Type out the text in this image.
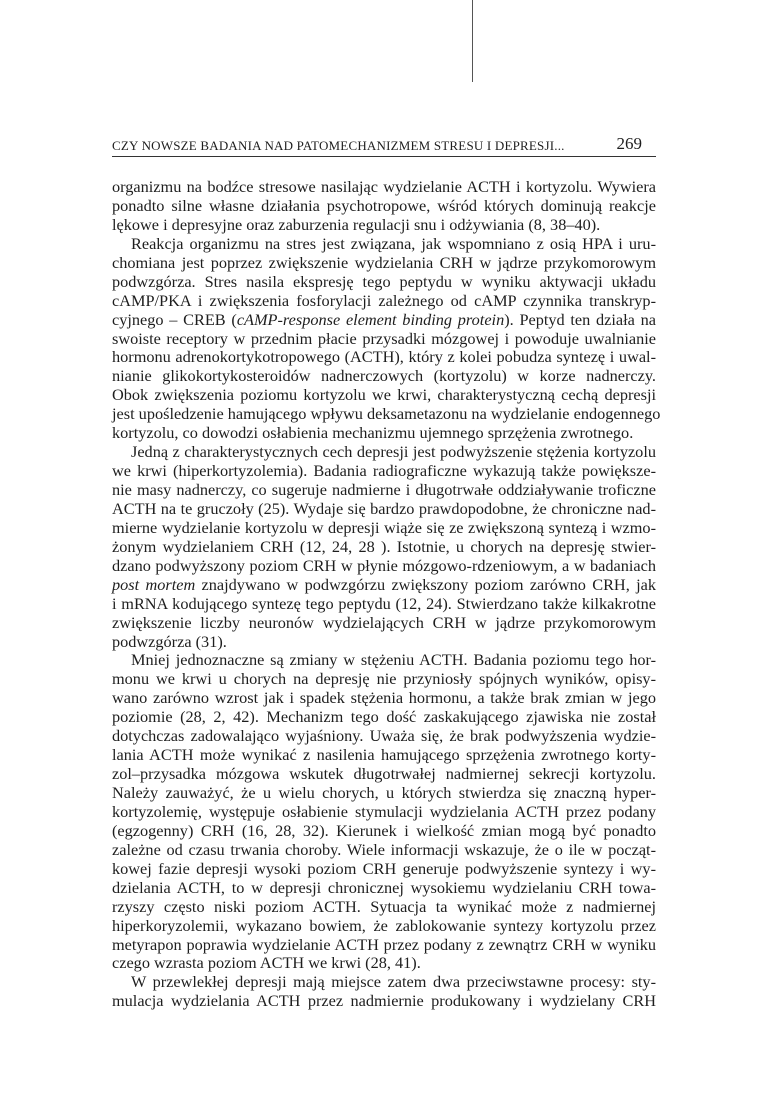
CZY NOWSZE BADANIA NAD PATOMECHANIZMEM STRESU I DEPRESJI...	269
organizmu na bodźce stresowe nasilając wydzielanie ACTH i kortyzolu. Wywiera
ponadto silne własne działania psychotropowe, wśród których dominują reakcje
lękowe i depresyjne oraz zaburzenia regulacji snu i odżywiania (8, 38–40).
Reakcja organizmu na stres jest związana, jak wspomniano z osią HPA i uru-
chomiana jest poprzez zwiększenie wydzielania CRH w jądrze przykomorowym
podwzgórza. Stres nasila ekspresję tego peptydu w wyniku aktywacji układu
cAMP/PKA i zwiększenia fosforylacji zależnego od cAMP czynnika transkryp-
cyjnego – CREB (cAMP-response element binding protein). Peptyd ten działa na
swoiste receptory w przednim płacie przysadki mózgowej i powoduje uwalnianie
hormonu adrenokortykotropowego (ACTH), który z kolei pobudza syntezę i uwal-
nianie glikokortykosteroidów nadnerczowych (kortyzolu) w korze nadnerczy.
Obok zwiększenia poziomu kortyzolu we krwi, charakterystyczną cechą depresji
jest upośledzenie hamującego wpływu deksametazonu na wydzielanie endogennego
kortyzolu, co dowodzi osłabienia mechanizmu ujemnego sprzężenia zwrotnego.
Jedną z charakterystycznych cech depresji jest podwyższenie stężenia kortyzolu
we krwi (hiperkortyzolemia). Badania radiograficzne wykazują także powiększe-
nie masy nadnerczy, co sugeruje nadmierne i długotrwałe oddziaływanie troficzne
ACTH na te gruczoły (25). Wydaje się bardzo prawdopodobne, że chroniczne nad-
mierne wydzielanie kortyzolu w depresji wiąże się ze zwiększoną syntezą i wzmo-
żonym wydzielaniem CRH (12, 24, 28 ). Istotnie, u chorych na depresję stwier-
dzano podwyższony poziom CRH w płynie mózgowo-rdzeniowym, a w badaniach
post mortem znajdywano w podwzgórzu zwiększony poziom zarówno CRH, jak
i mRNA kodującego syntezę tego peptydu (12, 24). Stwierdzano także kilkakrotne
zwiększenie liczby neuronów wydzielających CRH w jądrze przykomorowym
podwzgórza (31).
Mniej jednoznaczne są zmiany w stężeniu ACTH. Badania poziomu tego hor-
monu we krwi u chorych na depresję nie przyniosły spójnych wyników, opisy-
wano zarówno wzrost jak i spadek stężenia hormonu, a także brak zmian w jego
poziomie (28, 2, 42). Mechanizm tego dość zaskakującego zjawiska nie został
dotychczas zadowalająco wyjaśniony. Uważa się, że brak podwyższenia wydzie-
lania ACTH może wynikać z nasilenia hamującego sprzężenia zwrotnego korty-
zol–przysadka mózgowa wskutek długotrwałej nadmiernej sekrecji kortyzolu.
Należy zauważyć, że u wielu chorych, u których stwierdza się znaczną hyper-
kortyzolemię, występuje osłabienie stymulacji wydzielania ACTH przez podany
(egzogenny) CRH (16, 28, 32). Kierunek i wielkość zmian mogą być ponadto
zależne od czasu trwania choroby. Wiele informacji wskazuje, że o ile w począt-
kowej fazie depresji wysoki poziom CRH generuje podwyższenie syntezy i wy-
dzielania ACTH, to w depresji chronicznej wysokiemu wydzielaniu CRH towa-
rzyszy często niski poziom ACTH. Sytuacja ta wynikać może z nadmiernej
hiperkoryzolemii, wykazano bowiem, że zablokowanie syntezy kortyzolu przez
metyrapon poprawia wydzielanie ACTH przez podany z zewnątrz CRH w wyniku
czego wzrasta poziom ACTH we krwi (28, 41).
W przewlekłej depresji mają miejsce zatem dwa przeciwstawne procesy: sty-
mulacja wydzielania ACTH przez nadmiernie produkowany i wydzielany CRH
